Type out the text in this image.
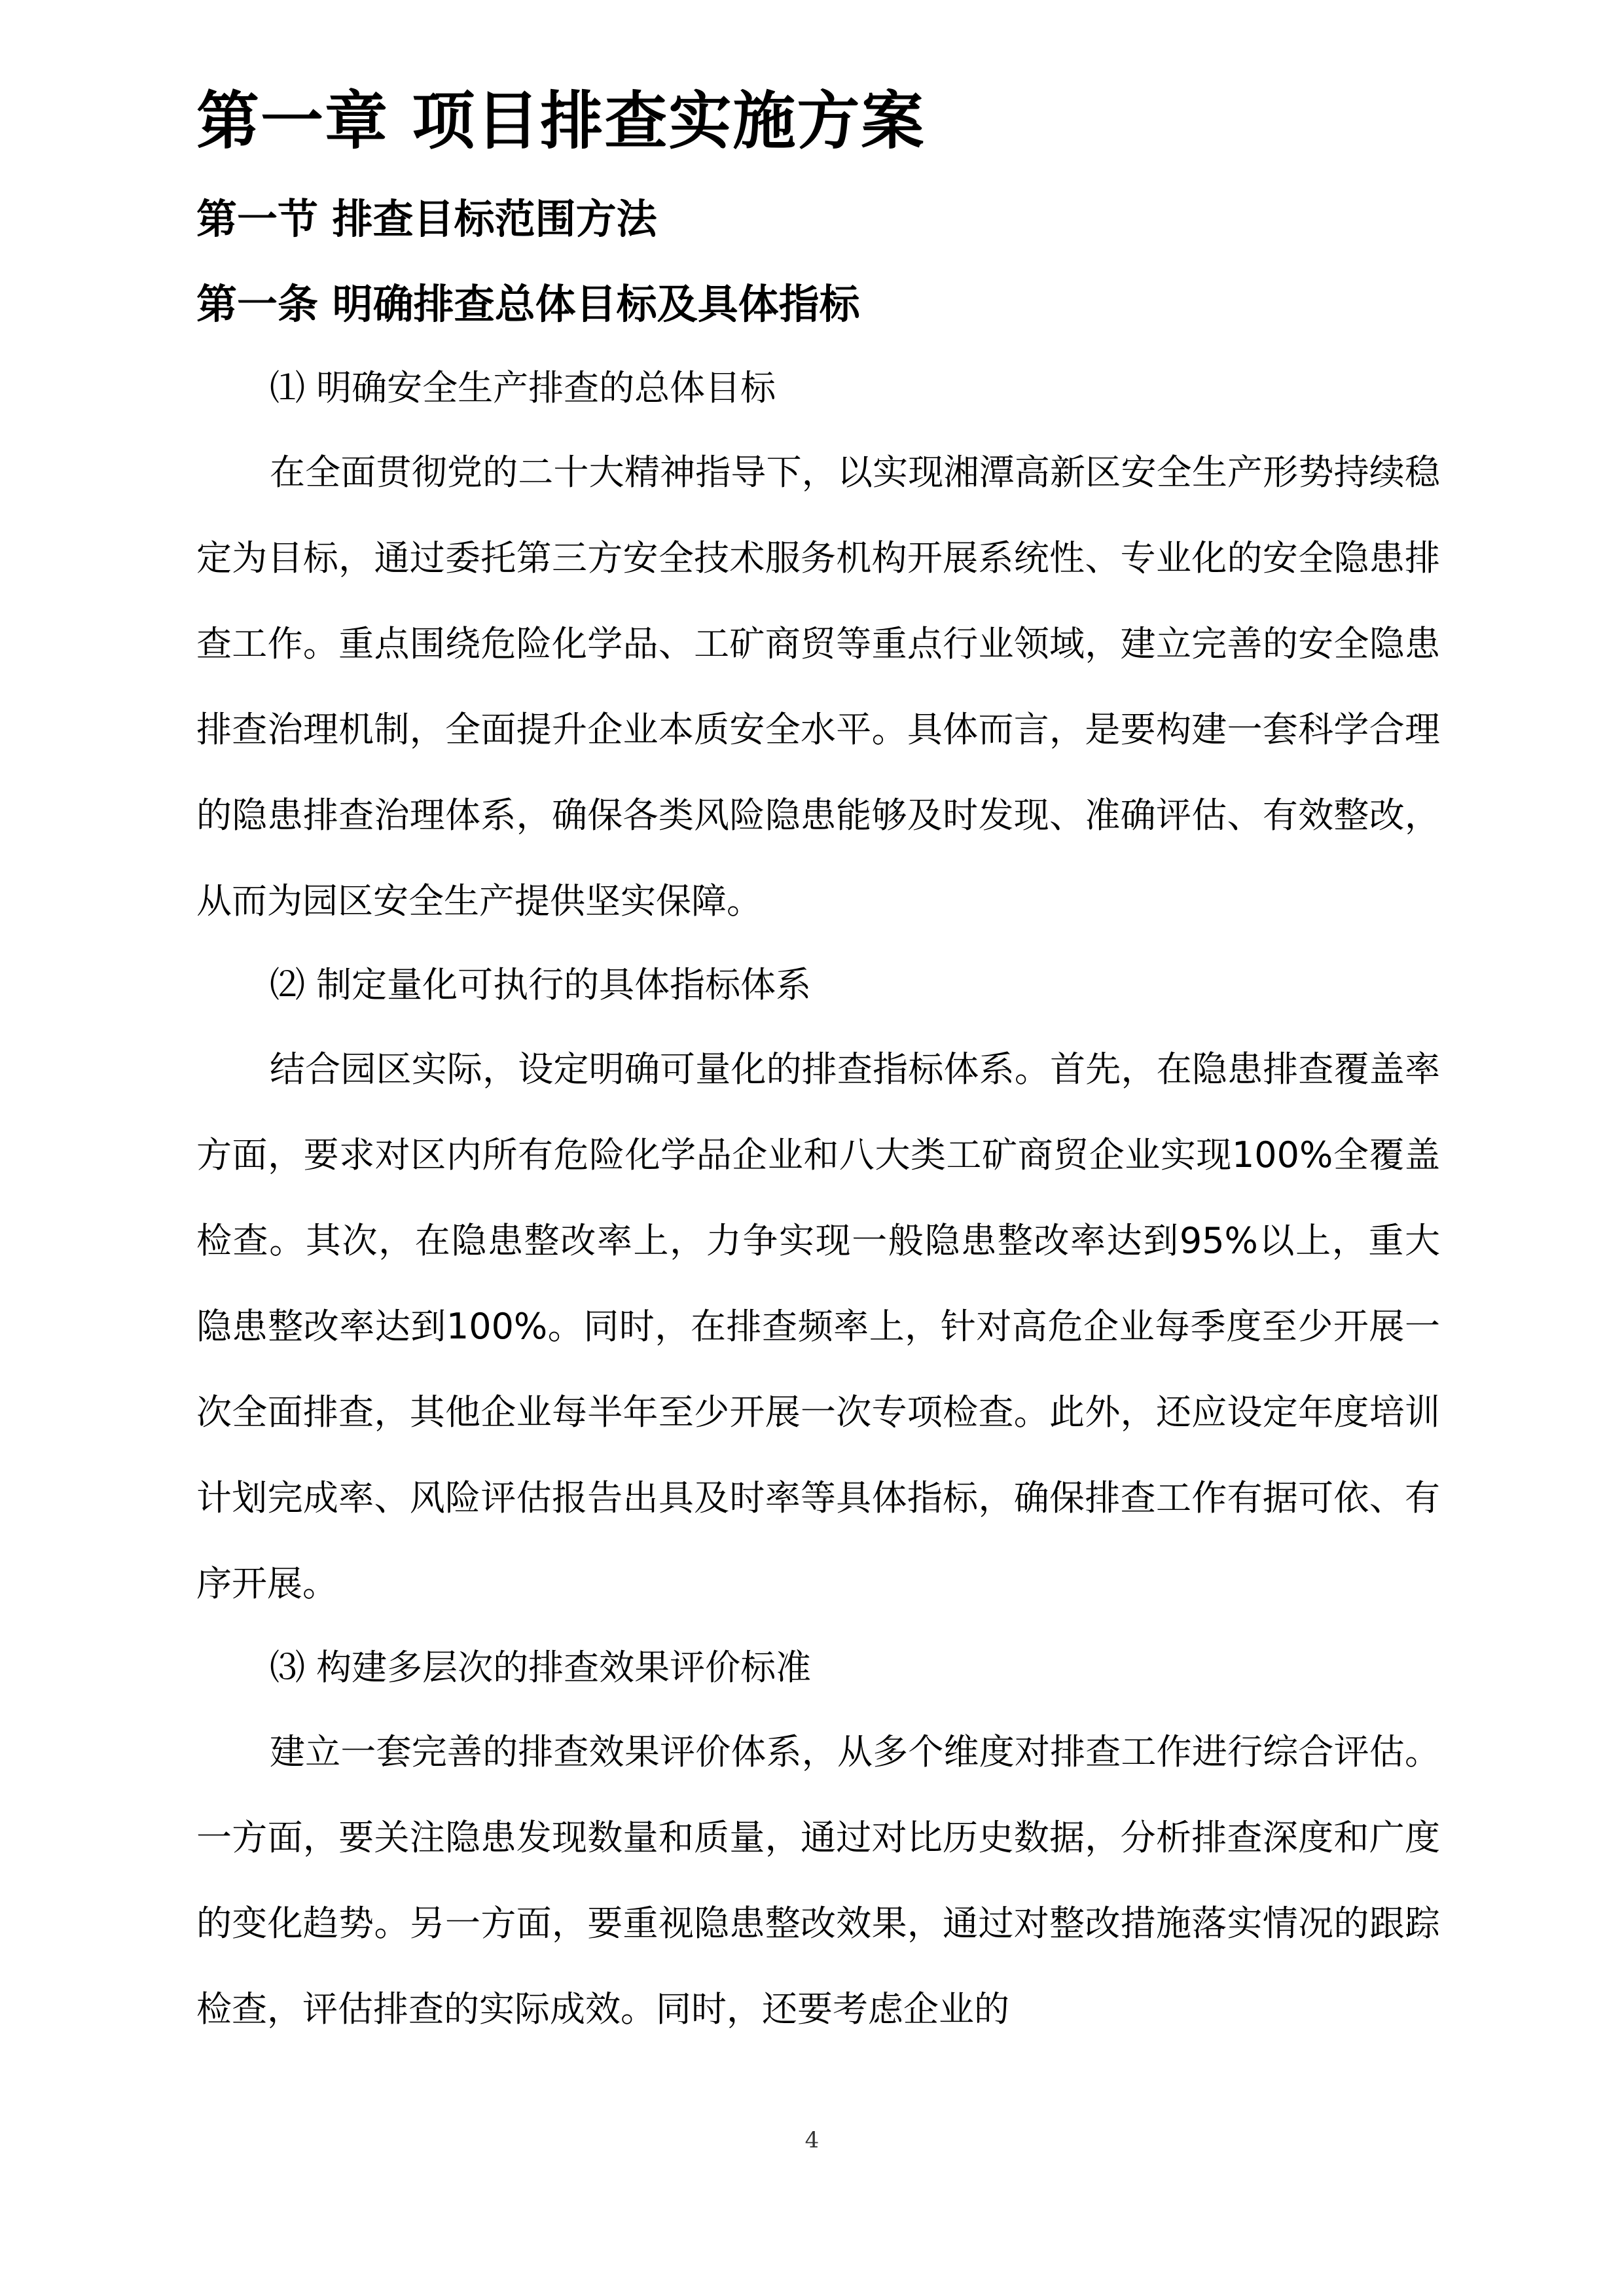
第一章 项目排查实施方案
第一节 排查目标范围方法
第一条 明确排查总体目标及具体指标
⑴ 明确安全生产排查的总体目标

在全面贯彻党的二十大精神指导下，以实现湘潭高新区安全生产形势持续稳定为目标，通过委托第三方安全技术服务机构开展系统性、专业化的安全隐患排查工作。重点围绕危险化学品、工矿商贸等重点行业领域，建立完善的安全隐患排查治理机制，全面提升企业本质安全水平。具体而言，是要构建一套科学合理的隐患排查治理体系，确保各类风险隐患能够及时发现、准确评估、有效整改，从而为园区安全生产提供坚实保障。

⑵ 制定量化可执行的具体指标体系

结合园区实际，设定明确可量化的排查指标体系。首先，在隐患排查覆盖率方面，要求对区内所有危险化学品企业和八大类工矿商贸企业实现100%全覆盖检查。其次，在隐患整改率上，力争实现一般隐患整改率达到95%以上，重大隐患整改率达到100%。同时，在排查频率上，针对高危企业每季度至少开展一次全面排查，其他企业每半年至少开展一次专项检查。此外，还应设定年度培训计划完成率、风险评估报告出具及时率等具体指标，确保排查工作有据可依、有序开展。

⑶ 构建多层次的排查效果评价标准

建立一套完善的排查效果评价体系，从多个维度对排查工作进行综合评估。一方面，要关注隐患发现数量和质量，通过对比历史数据，分析排查深度和广度的变化趋势。另一方面，要重视隐患整改效果，通过对整改措施落实情况的跟踪检查，评估排查的实际成效。同时，还要考虑企业的

4
